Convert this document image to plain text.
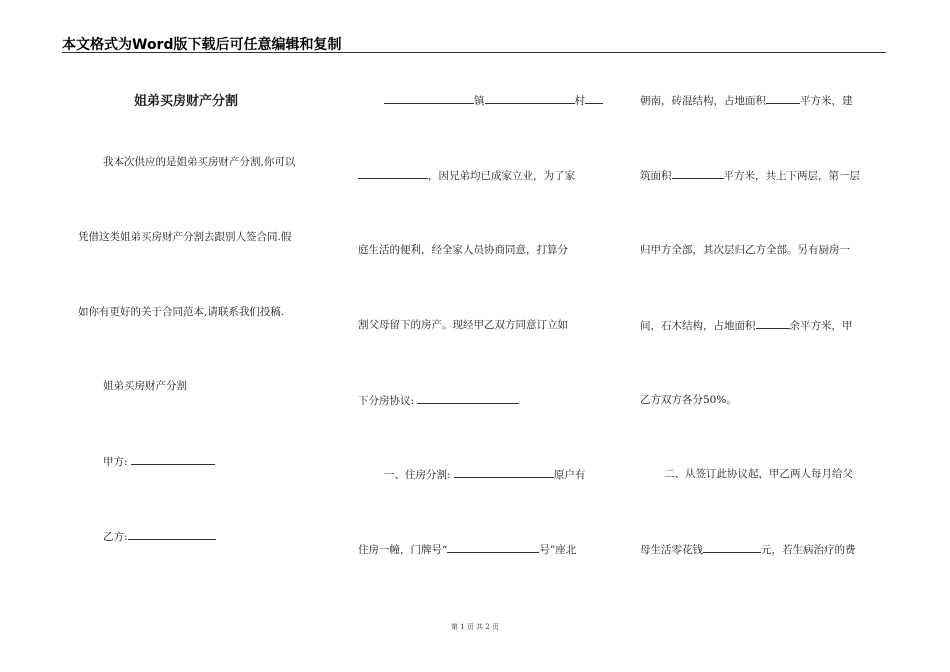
本文格式为Word版下载后可任意编辑和复制
姐弟买房财产分割
我本次供应的是姐弟买房财产分割,你可以
凭借这类姐弟买房财产分割去跟别人签合同.假
如你有更好的关于合同范本,请联系我们投稿.
姐弟买房财产分割
甲方:
乙方:
镇	村
，因兄弟均已成家立业，为了家
庭生活的便利，经全家人员协商同意，打算分
割父母留下的房产。现经甲乙双方同意订立如
下分房协议:
一、住房分割:	原户有
住房一幢，门牌号“	号”座北
朝南，砖混结构，占地面积	平方米，建
筑面积	平方米，共上下两层，第一层
归甲方全部，其次层归乙方全部。另有厨房一
间，石木结构，占地面积	余平方米，甲
乙方双方各分50%。
二、从签订此协议起，甲乙两人每月给父
母生活零花钱	元，若生病治疗的费
第 1 页 共 2 页
